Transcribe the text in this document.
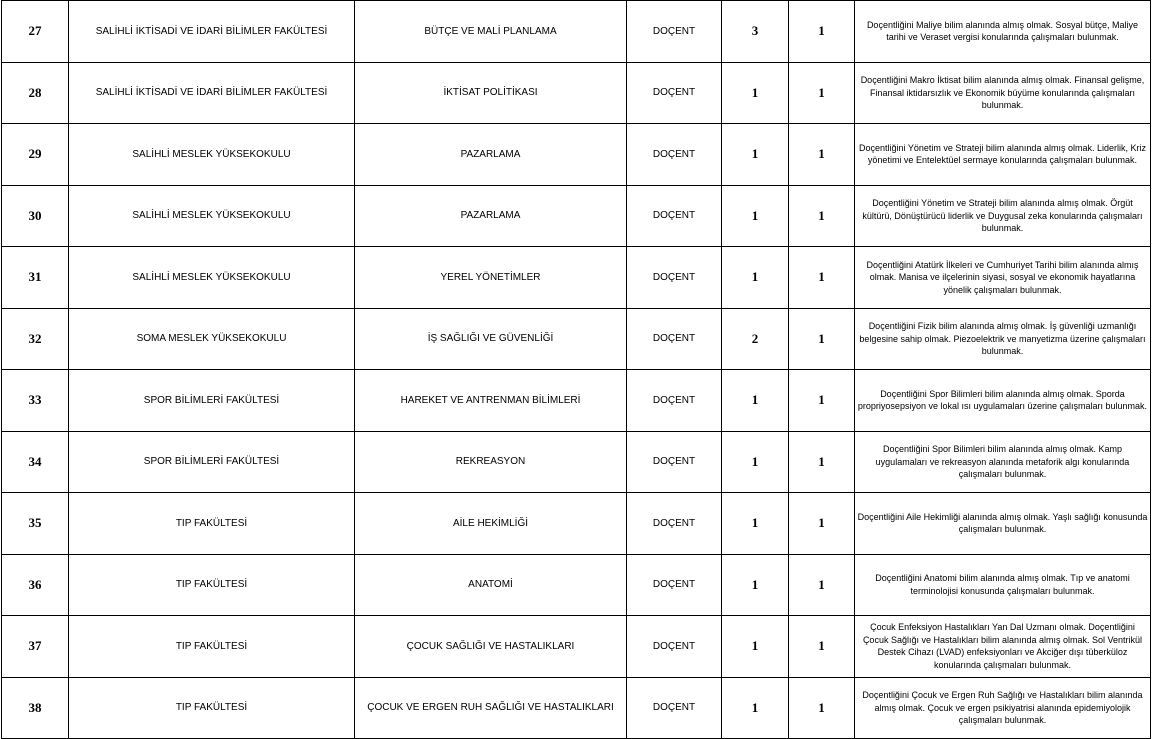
27	SALİHLİ İKTİSADİ VE İDARİ BİLİMLER FAKÜLTESİ	BÜTÇE VE MALİ PLANLAMA	DOÇENT	3	1	Doçentliğini Maliye bilim alanında almış olmak. Sosyal bütçe, Maliye tarihi ve Veraset vergisi konularında çalışmaları bulunmak.
28	SALİHLİ İKTİSADİ VE İDARİ BİLİMLER FAKÜLTESİ	İKTİSAT POLİTİKASI	DOÇENT	1	1	Doçentliğini Makro İktisat bilim alanında almış olmak. Finansal gelişme, Finansal iktidarsızlık ve Ekonomik büyüme konularında çalışmaları bulunmak.
29	SALİHLİ MESLEK YÜKSEKOKULU	PAZARLAMA	DOÇENT	1	1	Doçentliğini Yönetim ve Strateji bilim alanında almış olmak. Liderlik, Kriz yönetimi ve Entelektüel sermaye konularında çalışmaları bulunmak.
30	SALİHLİ MESLEK YÜKSEKOKULU	PAZARLAMA	DOÇENT	1	1	Doçentliğini Yönetim ve Strateji bilim alanında almış olmak. Örgüt kültürü, Dönüştürücü liderlik ve Duygusal zeka konularında çalışmaları bulunmak.
31	SALİHLİ MESLEK YÜKSEKOKULU	YEREL YÖNETİMLER	DOÇENT	1	1	Doçentliğini Atatürk İlkeleri ve Cumhuriyet Tarihi bilim alanında almış olmak. Manisa ve ilçelerinin siyasi, sosyal ve ekonomik hayatlarına yönelik çalışmaları bulunmak.
32	SOMA MESLEK YÜKSEKOKULU	İŞ SAĞLIĞI VE GÜVENLİĞİ	DOÇENT	2	1	Doçentliğini Fizik bilim alanında almış olmak. İş güvenliği uzmanlığı belgesine sahip olmak. Piezoelektrik ve manyetizma üzerine çalışmaları bulunmak.
33	SPOR BİLİMLERİ FAKÜLTESİ	HAREKET VE ANTRENMAN BİLİMLERİ	DOÇENT	1	1	Doçentliğini Spor Bilimleri bilim alanında almış olmak. Sporda propriyosepsiyon ve lokal ısı uygulamaları üzerine çalışmaları bulunmak.
34	SPOR BİLİMLERİ FAKÜLTESİ	REKREASYON	DOÇENT	1	1	Doçentliğini Spor Bilimleri bilim alanında almış olmak. Kamp uygulamaları ve rekreasyon alanında metaforik algı konularında çalışmaları bulunmak.
35	TIP FAKÜLTESİ	AİLE HEKİMLİĞİ	DOÇENT	1	1	Doçentliğini Aile Hekimliği alanında almış olmak. Yaşlı sağlığı konusunda çalışmaları bulunmak.
36	TIP FAKÜLTESİ	ANATOMİ	DOÇENT	1	1	Doçentliğini Anatomi bilim alanında almış olmak. Tıp ve anatomi terminolojisi konusunda çalışmaları bulunmak.
37	TIP FAKÜLTESİ	ÇOCUK SAĞLIĞI VE HASTALIKLARI	DOÇENT	1	1	Çocuk Enfeksiyon Hastalıkları Yan Dal Uzmanı olmak. Doçentliğini Çocuk Sağlığı ve Hastalıkları bilim alanında almış olmak. Sol Ventrikül Destek Cihazı (LVAD) enfeksiyonları ve Akciğer dışı tüberküloz konularında çalışmaları bulunmak.
38	TIP FAKÜLTESİ	ÇOCUK VE ERGEN RUH SAĞLIĞI VE HASTALIKLARI	DOÇENT	1	1	Doçentliğini Çocuk ve Ergen Ruh Sağlığı ve Hastalıkları bilim alanında almış olmak. Çocuk ve ergen psikiyatrisi alanında epidemiyolojik çalışmaları bulunmak.
